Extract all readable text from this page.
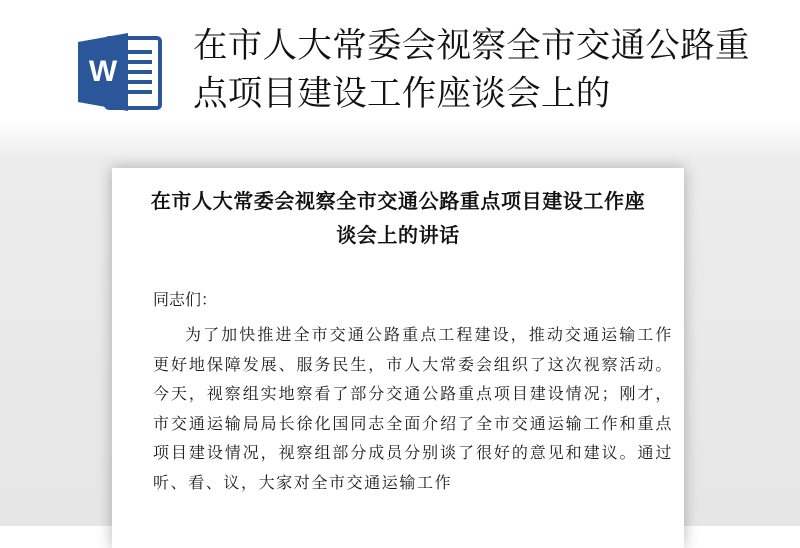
W
在市人大常委会视察全市交通公路重点项目建设工作座谈会上的
在市人大常委会视察全市交通公路重点项目建设工作座谈会上的讲话
同志们：

为了加快推进全市交通公路重点工程建设，推动交通运输工作更好地保障发展、服务民生，市人大常委会组织了这次视察活动。今天，视察组实地察看了部分交通公路重点项目建设情况；刚才，市交通运输局局长徐化国同志全面介绍了全市交通运输工作和重点项目建设情况，视察组部分成员分别谈了很好的意见和建议。通过听、看、议，大家对全市交通运输工作
